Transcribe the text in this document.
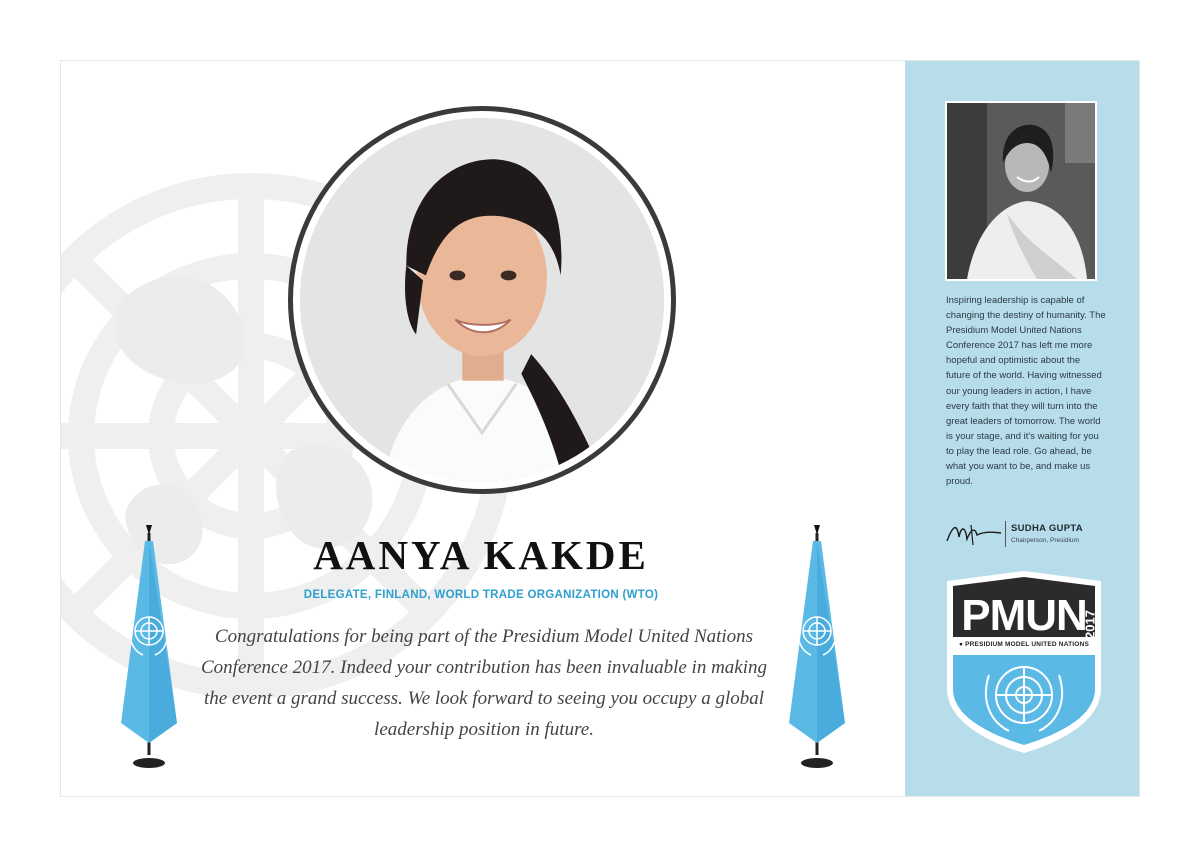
AANYA KAKDE
DELEGATE, FINLAND, WORLD TRADE ORGANIZATION (WTO)
Congratulations for being part of the Presidium Model United Nations Conference 2017. Indeed your contribution has been invaluable in making the event a grand success. We look forward to seeing you occupy a global leadership position in future.
Inspiring leadership is capable of changing the destiny of humanity. The Presidium Model United Nations Conference 2017 has left me more hopeful and optimistic about the future of the world. Having witnessed our young leaders in action, I have every faith that they will turn into the great leaders of tomorrow. The world is your stage, and it's waiting for you to play the lead role. Go ahead, be what you want to be, and make us proud.
SUDHA GUPTA
Chairperson, Presidium
PMUN
2017
● PRESIDIUM MODEL UNITED NATIONS
